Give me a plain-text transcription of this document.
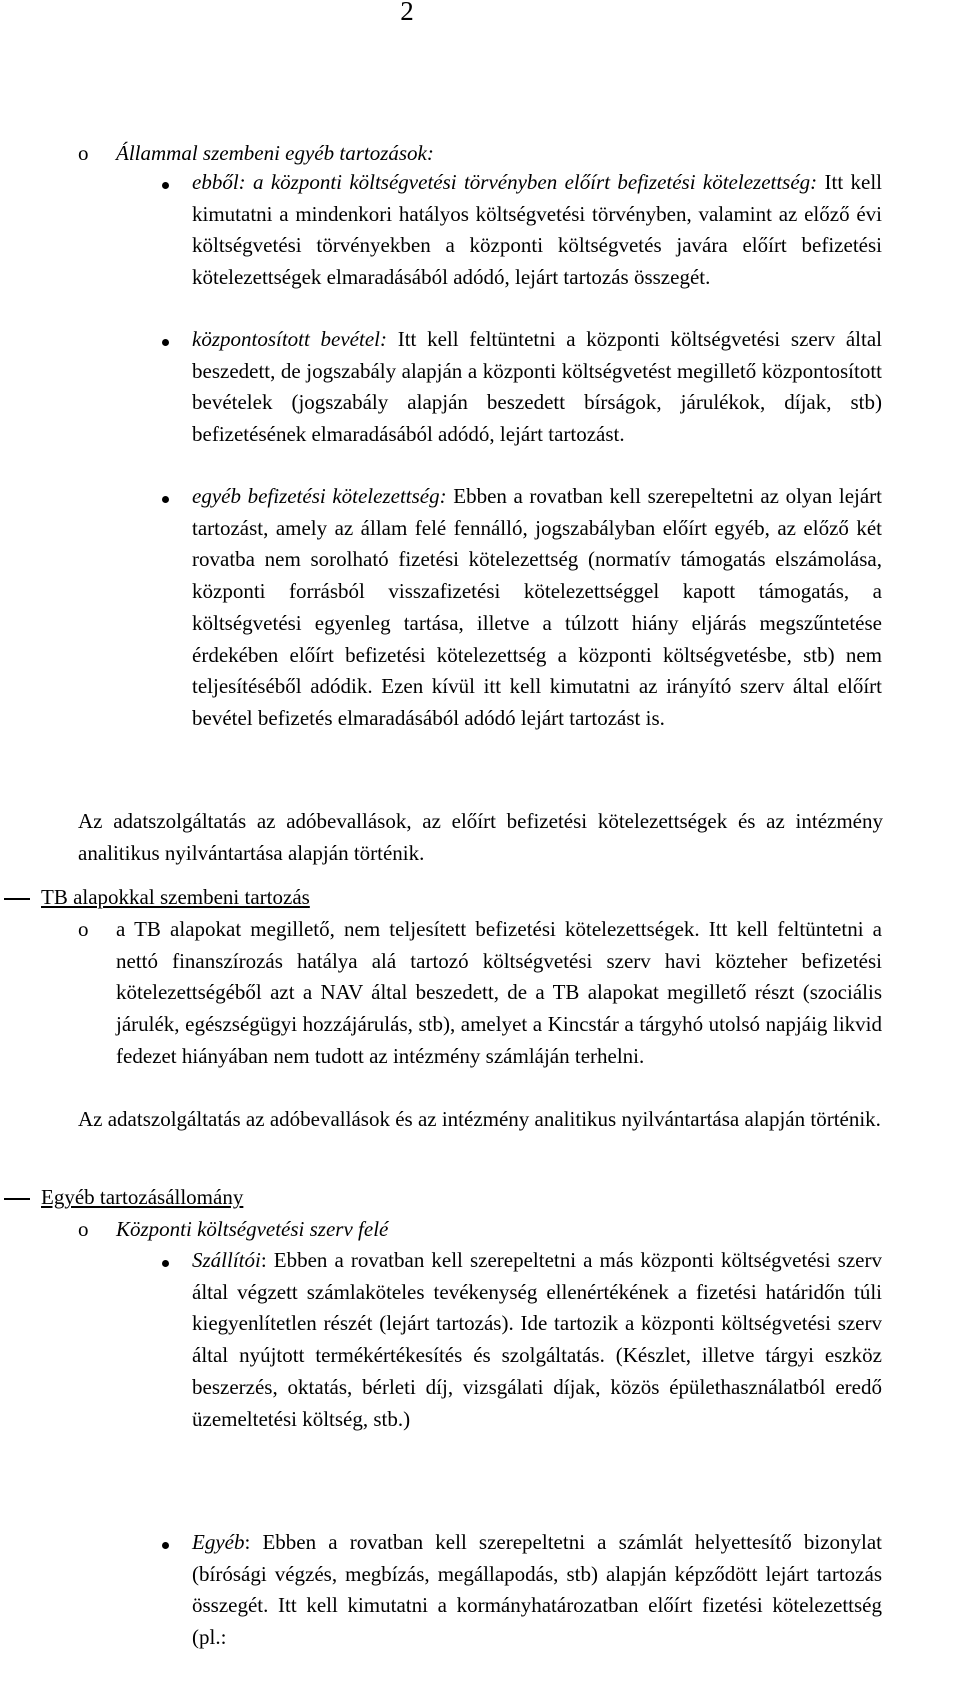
2
o Állammal szembeni egyéb tartozások:

ebből: a központi költségvetési törvényben előírt befizetési kötelezettség: Itt kell kimutatni a mindenkori hatályos költségvetési törvényben, valamint az előző évi költségvetési törvényekben a központi költségvetés javára előírt befizetési kötelezettségek elmaradásából adódó, lejárt tartozás összegét.

központosított bevétel: Itt kell feltüntetni a központi költségvetési szerv által beszedett, de jogszabály alapján a központi költségvetést megillető központosított bevételek (jogszabály alapján beszedett bírságok, járulékok, díjak, stb) befizetésének elmaradásából adódó, lejárt tartozást.

egyéb befizetési kötelezettség: Ebben a rovatban kell szerepeltetni az olyan lejárt tartozást, amely az állam felé fennálló, jogszabályban előírt egyéb, az előző két rovatba nem sorolható fizetési kötelezettség (normatív támogatás elszámolása, központi forrásból visszafizetési kötelezettséggel kapott támogatás, a költségvetési egyenleg tartása, illetve a túlzott hiány eljárás megszűntetése érdekében előírt befizetési kötelezettség a központi költségvetésbe, stb) nem teljesítéséből adódik. Ezen kívül itt kell kimutatni az irányító szerv által előírt bevétel befizetés elmaradásából adódó lejárt tartozást is.

Az adatszolgáltatás az adóbevallások, az előírt befizetési kötelezettségek és az intézmény analitikus nyilvántartása alapján történik.

TB alapokkal szembeni tartozás

o a TB alapokat megillető, nem teljesített befizetési kötelezettségek. Itt kell feltüntetni a nettó finanszírozás hatálya alá tartozó költségvetési szerv havi közteher befizetési kötelezettségéből azt a NAV által beszedett, de a TB alapokat megillető részt (szociális járulék, egészségügyi hozzájárulás, stb), amelyet a Kincstár a tárgyhó utolsó napjáig likvid fedezet hiányában nem tudott az intézmény számláján terhelni.

Az adatszolgáltatás az adóbevallások és az intézmény analitikus nyilvántartása alapján történik.

Egyéb tartozásállomány

o Központi költségvetési szerv felé

Szállítói: Ebben a rovatban kell szerepeltetni a más központi költségvetési szerv által végzett számlaköteles tevékenység ellenértékének a fizetési határidőn túli kiegyenlítetlen részét (lejárt tartozás). Ide tartozik a központi költségvetési szerv által nyújtott termékértékesítés és szolgáltatás. (Készlet, illetve tárgyi eszköz beszerzés, oktatás, bérleti díj, vizsgálati díjak, közös épülethasználatból eredő üzemeltetési költség, stb.)

Egyéb: Ebben a rovatban kell szerepeltetni a számlát helyettesítő bizonylat (bírósági végzés, megbízás, megállapodás, stb) alapján képződött lejárt tartozás összegét. Itt kell kimutatni a kormányhatározatban előírt fizetési kötelezettség (pl.:
